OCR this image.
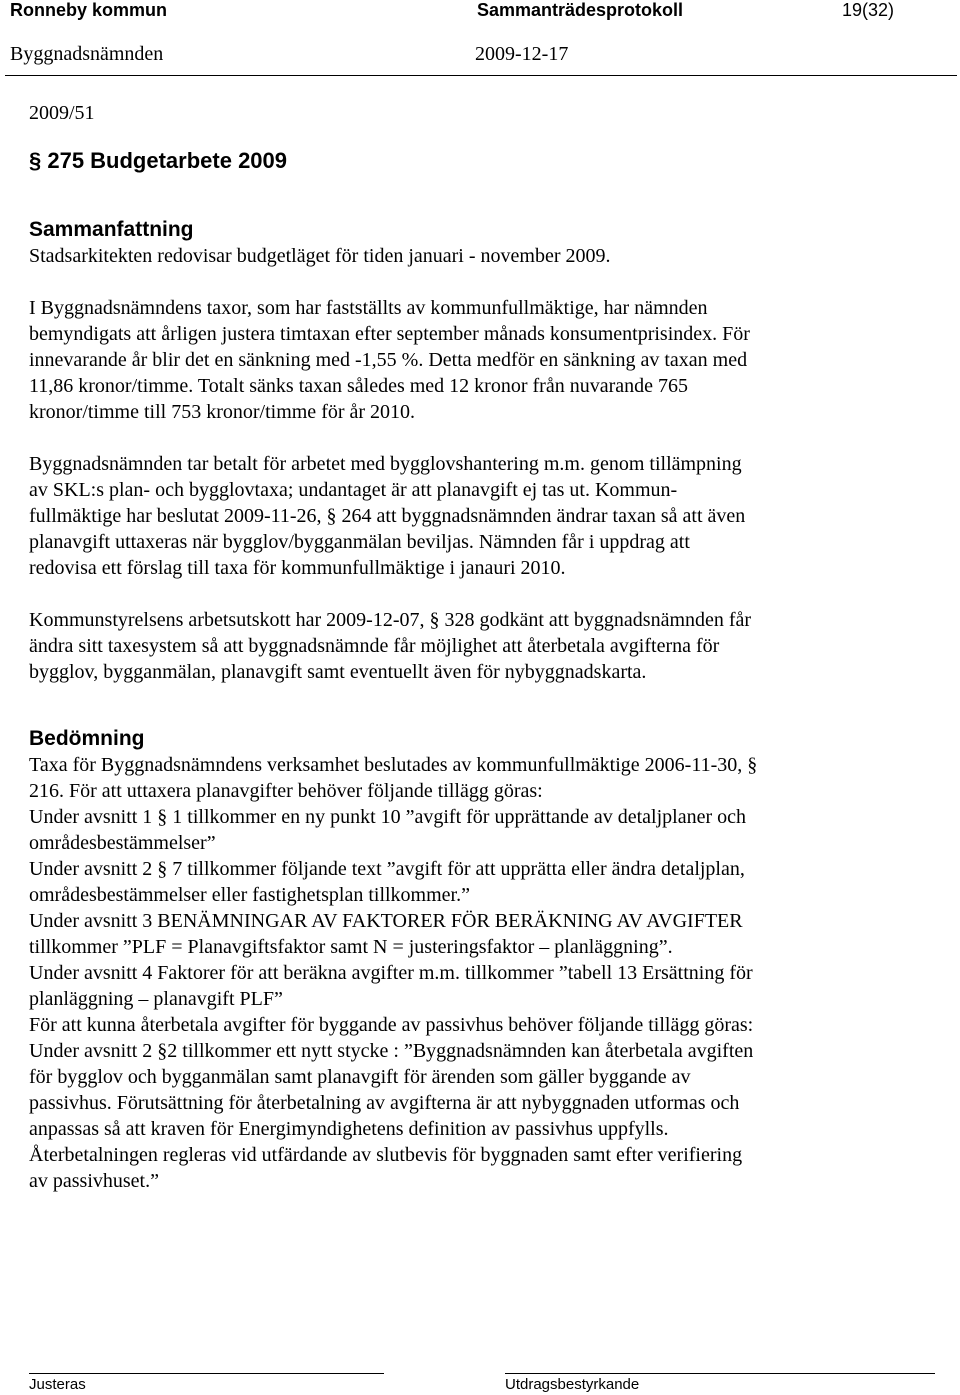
Ronneby kommun	Sammanträdesprotokoll	19(32)
Byggnadsnämnden	2009-12-17
2009/51
§ 275 Budgetarbete 2009
Sammanfattning

Stadsarkitekten redovisar budgetläget för tiden januari - november 2009.

I Byggnadsnämndens taxor, som har fastställts av kommunfullmäktige, har nämnden
bemyndigats att årligen justera timtaxan efter september månads konsumentprisindex. För
innevarande år blir det en sänkning med -1,55 %. Detta medför en sänkning av taxan med
11,86 kronor/timme. Totalt sänks taxan således med 12 kronor från nuvarande 765
kronor/timme till 753 kronor/timme för år 2010.

Byggnadsnämnden tar betalt för arbetet med bygglovshantering m.m. genom tillämpning
av SKL:s plan- och bygglovtaxa; undantaget är att planavgift ej tas ut. Kommun-
fullmäktige har beslutat 2009-11-26, § 264 att byggnadsnämnden ändrar taxan så att även
planavgift uttaxeras när bygglov/bygganmälan beviljas. Nämnden får i uppdrag att
redovisa ett förslag till taxa för kommunfullmäktige i janauri 2010.

Kommunstyrelsens arbetsutskott har 2009-12-07, § 328 godkänt att byggnadsnämnden får
ändra sitt taxesystem så att byggnadsnämnde får möjlighet att återbetala avgifterna för
bygglov, bygganmälan, planavgift samt eventuellt även för nybyggnadskarta.

Bedömning

Taxa för Byggnadsnämndens verksamhet beslutades av kommunfullmäktige 2006-11-30, §
216. För att uttaxera planavgifter behöver följande tillägg göras:
Under avsnitt 1 § 1 tillkommer en ny punkt 10 ”avgift för upprättande av detaljplaner och
områdesbestämmelser”
Under avsnitt 2 § 7 tillkommer följande text ”avgift för att upprätta eller ändra detaljplan,
områdesbestämmelser eller fastighetsplan tillkommer.”
Under avsnitt 3 BENÄMNINGAR AV FAKTORER FÖR BERÄKNING AV AVGIFTER
tillkommer ”PLF = Planavgiftsfaktor samt N = justeringsfaktor – planläggning”.
Under avsnitt 4 Faktorer för att beräkna avgifter m.m. tillkommer ”tabell 13 Ersättning för
planläggning – planavgift PLF”
För att kunna återbetala avgifter för byggande av passivhus behöver följande tillägg göras:
Under avsnitt 2 §2 tillkommer ett nytt stycke : ”Byggnadsnämnden kan återbetala avgiften
för bygglov och bygganmälan samt planavgift för ärenden som gäller byggande av
passivhus. Förutsättning för återbetalning av avgifterna är att nybyggnaden utformas och
anpassas så att kraven för Energimyndighetens definition av passivhus uppfylls.
Återbetalningen regleras vid utfärdande av slutbevis för byggnaden samt efter verifiering
av passivhuset.”

Justeras	Utdragsbestyrkande
